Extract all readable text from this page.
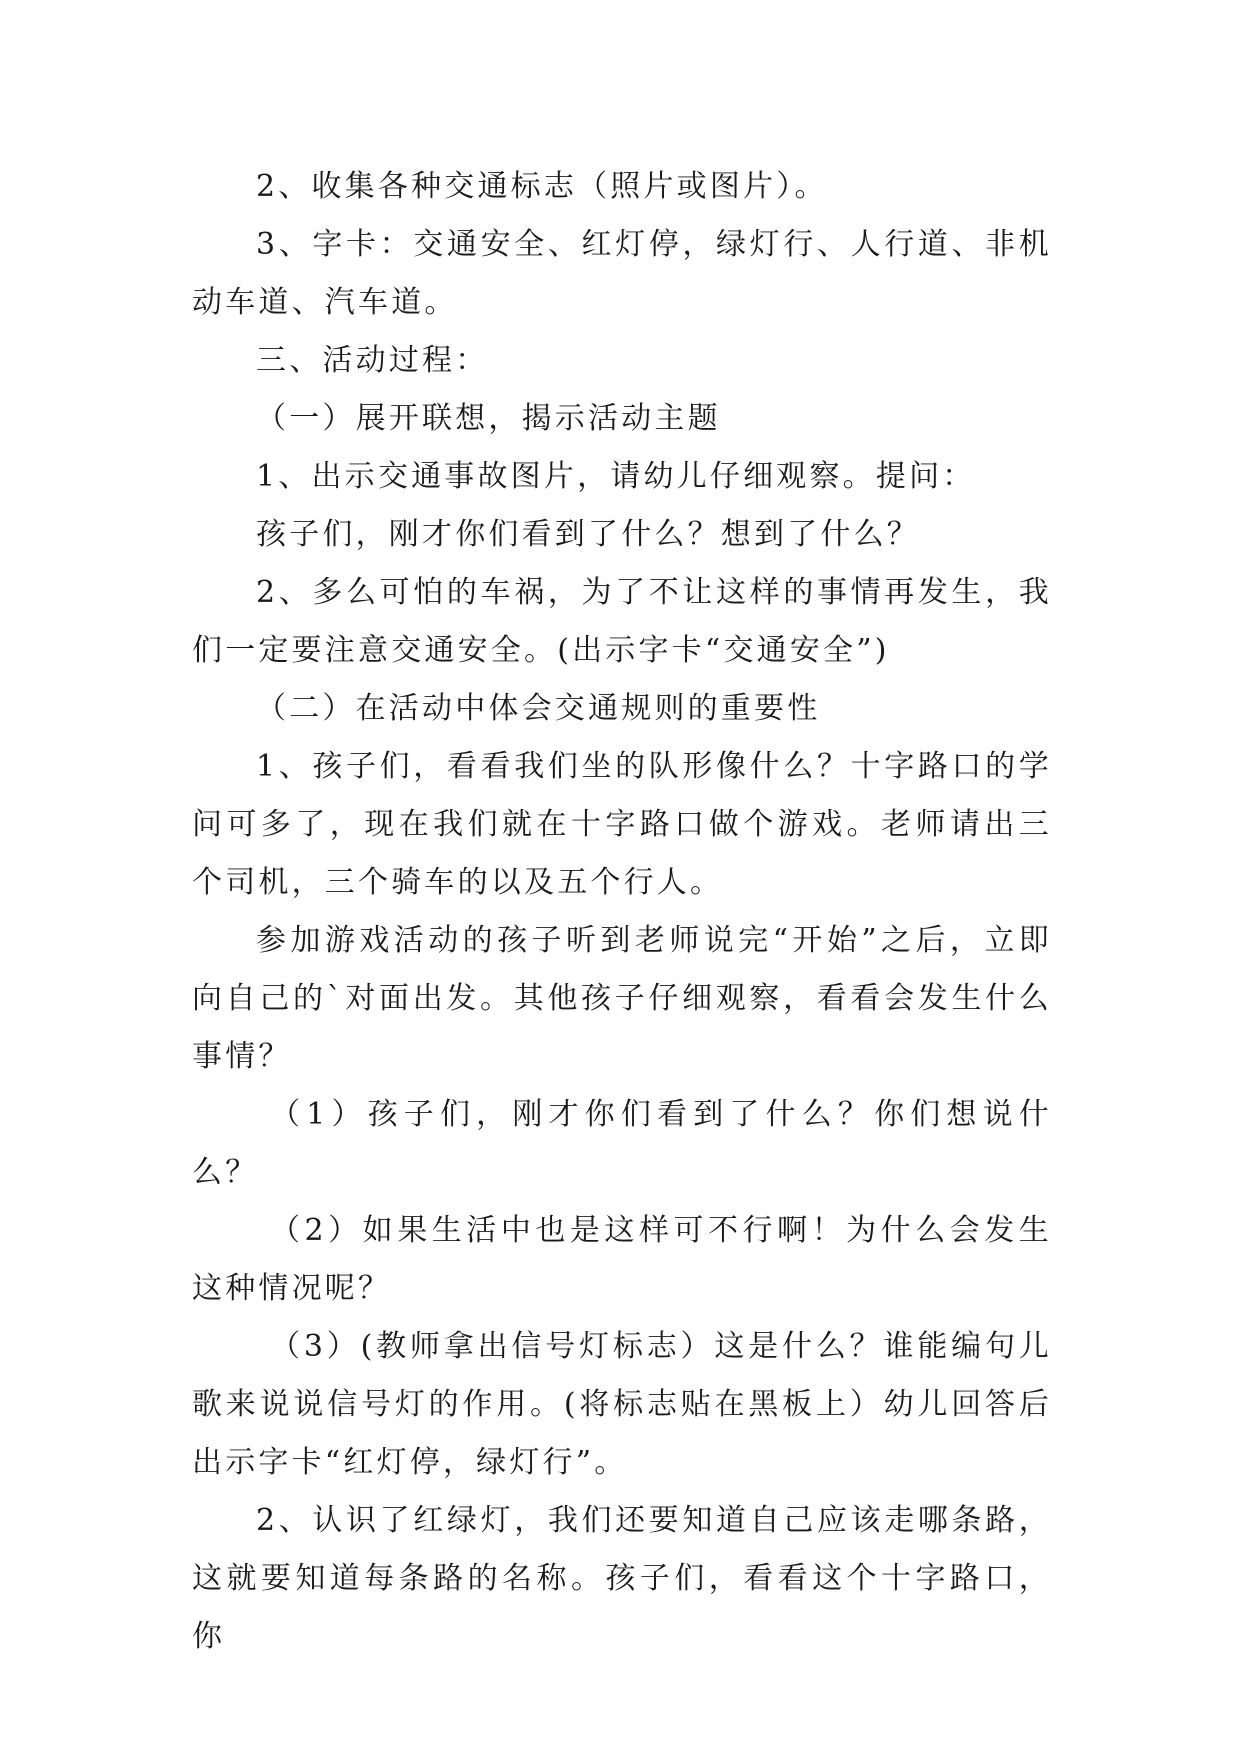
2、收集各种交通标志（照片或图片）。

3、字卡：交通安全、红灯停，绿灯行、人行道、非机动车道、汽车道。

三、活动过程：

（一）展开联想，揭示活动主题

1、出示交通事故图片，请幼儿仔细观察。提问：

孩子们，刚才你们看到了什么？想到了什么？

2、多么可怕的车祸，为了不让这样的事情再发生，我们一定要注意交通安全。(出示字卡“交通安全”)

（二）在活动中体会交通规则的重要性

1、孩子们，看看我们坐的队形像什么？十字路口的学问可多了，现在我们就在十字路口做个游戏。老师请出三个司机，三个骑车的以及五个行人。

参加游戏活动的孩子听到老师说完“开始”之后，立即向自己的`对面出发。其他孩子仔细观察，看看会发生什么事情？

（1）孩子们，刚才你们看到了什么？你们想说什么？

（2）如果生活中也是这样可不行啊！为什么会发生这种情况呢？

（3）(教师拿出信号灯标志）这是什么？谁能编句儿歌来说说信号灯的作用。(将标志贴在黑板上）幼儿回答后出示字卡“红灯停，绿灯行”。

2、认识了红绿灯，我们还要知道自己应该走哪条路，这就要知道每条路的名称。孩子们，看看这个十字路口，你
